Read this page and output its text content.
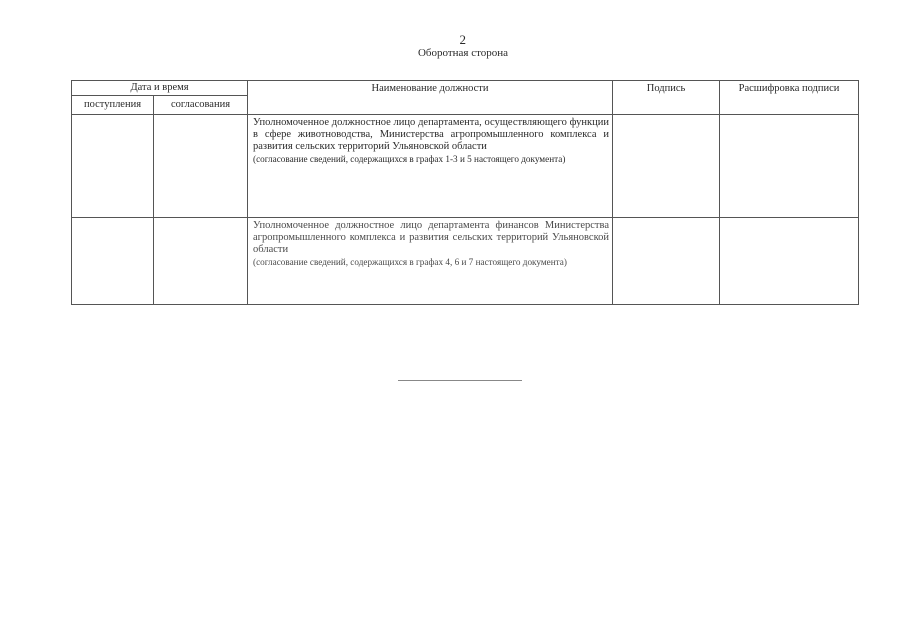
2
Оборотная сторона
Дата и время		Наименование должности	Подпись	Расшифровка подписи
поступления	согласования			

		Уполномоченное должностное лицо департамента, осуществляющего функции в сфере животноводства, Министерства агропромышленного комплекса и развития сельских территорий Ульяновской области
(согласование сведений, содержащихся в графах 1-3 и 5 настоящего документа)		

		Уполномоченное должностное лицо департамента финансов Министерства агропромышленного комплекса и развития сельских территорий Ульяновской области
(согласование сведений, содержащихся в графах 4, 6 и 7 настоящего документа)		
